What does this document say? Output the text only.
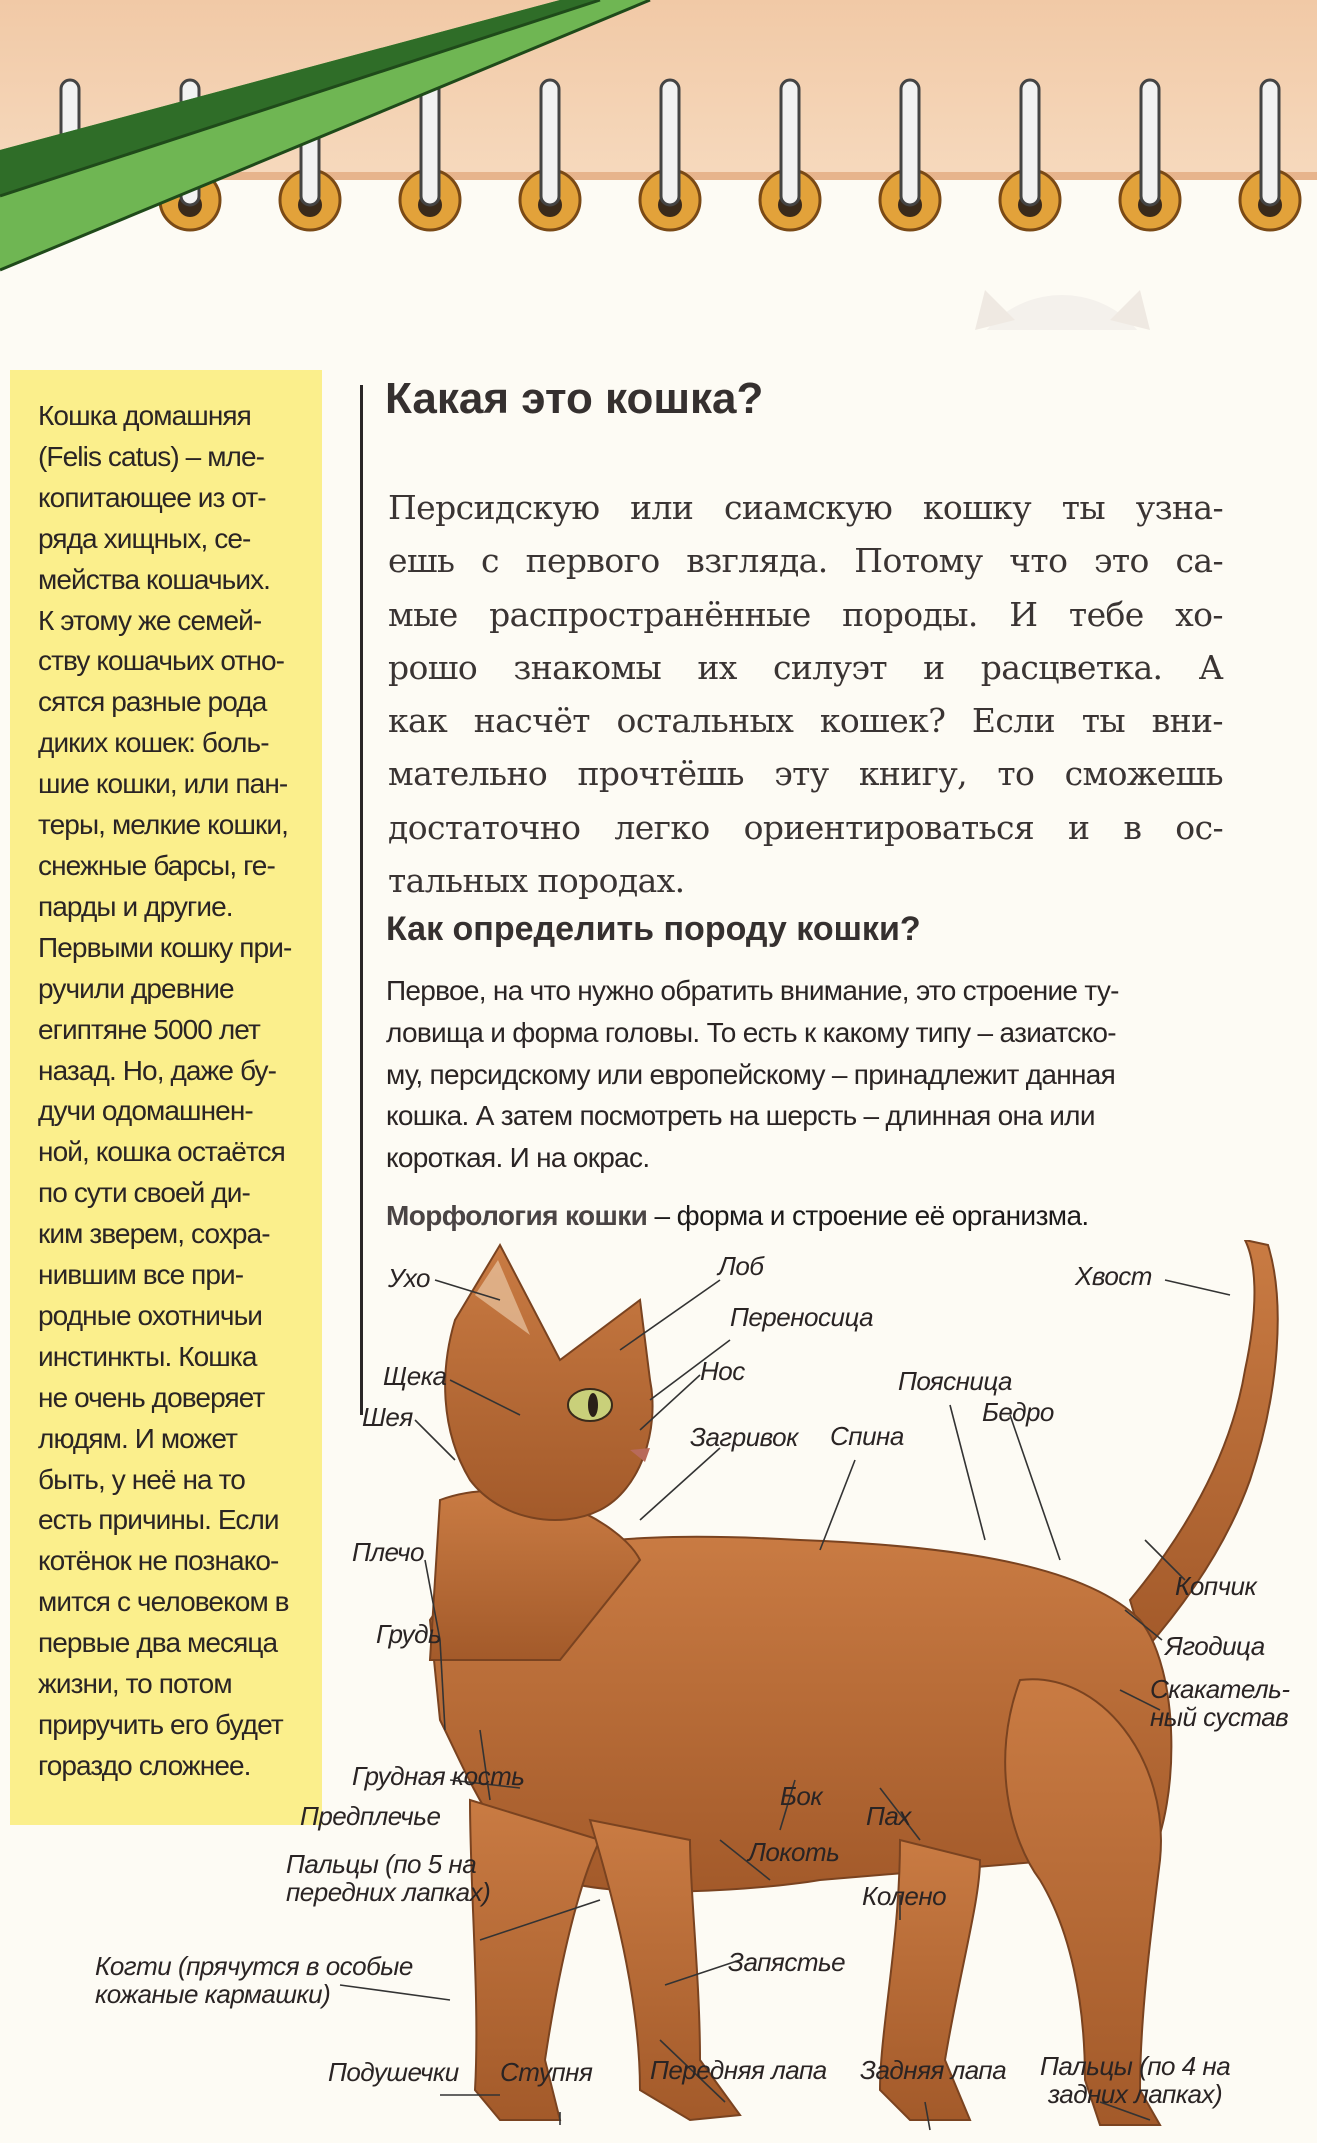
Кошка домашняя
(Felis catus) – мле-
копитающее из от-
ряда хищных, се-
мейства кошачьих.
К этому же семей-
ству кошачьих отно-
сятся разные рода
диких кошек: боль-
шие кошки, или пан-
теры, мелкие кошки,
снежные барсы, ге-
парды и другие.
Первыми кошку при-
ручили древние
египтяне 5000 лет
назад. Но, даже бу-
дучи одомашнен-
ной, кошка остаётся
по сути своей ди-
ким зверем, сохра-
нившим все при-
родные охотничьи
инстинкты. Кошка
не очень доверяет
людям. И может
быть, у неё на то
есть причины. Если
котёнок не познако-
мится с человеком в
первые два месяца
жизни, то потом
приручить его будет
гораздо сложнее.
Какая это кошка?
Персидскую или сиамскую кошку ты узна-
ешь с первого взгляда. Потому что это са-
мые распространённые породы. И тебе хо-
рошо знакомы их силуэт и расцветка. А
как насчёт остальных кошек? Если ты вни-
мательно прочтёшь эту книгу, то сможешь
достаточно легко ориентироваться и в ос-
тальных породах.
Как определить породу кошки?
Первое, на что нужно обратить внимание, это строение ту-
ловища и форма головы. То есть к какому типу – азиатско-
му, персидскому или европейскому – принадлежит данная
кошка. А затем посмотреть на шерсть – длинная она или
короткая. И на окрас.
Морфология кошки – форма и строение её организма.
Ухо	Лоб	Хвост
Переносица
Щека	Нос	Поясница
Шея	Бедро
Загривок Спина
Плечо
Копчик
Грудь	Ягодица
Скакатель-
ный сустав
Грудная кость
Бок
Пах
Предплечье
Локоть
Пальцы (по 5 на
передних лапках)	Колено
Запястье
Когти (прячутся в особые
кожаные кармашки)
Подушечки Ступня Передняя лапа Задняя лапа Пальцы (по 4 на
задних лапках)
